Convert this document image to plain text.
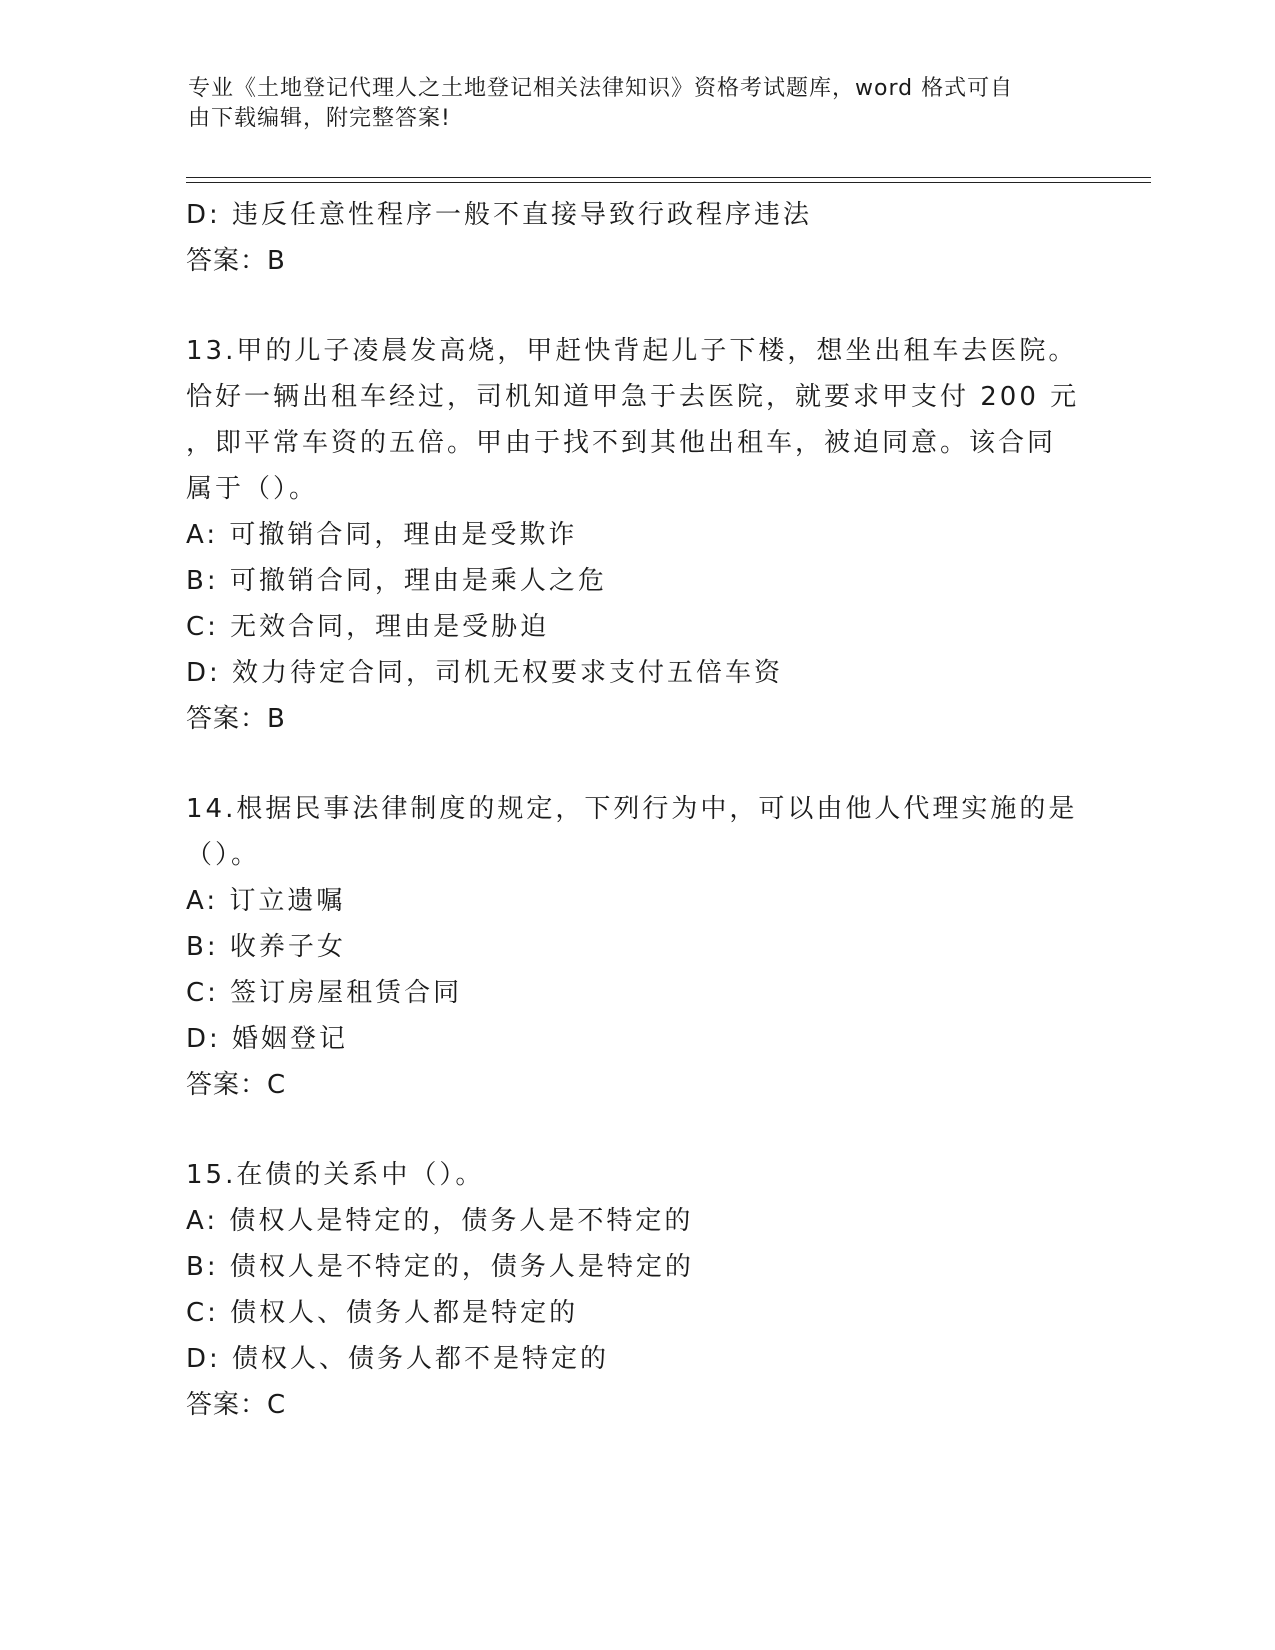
专业《土地登记代理人之土地登记相关法律知识》资格考试题库，word 格式可自
由下载编辑，附完整答案!
D: 违反任意性程序一般不直接导致行政程序违法
答案：B
13.甲的儿子凌晨发高烧，甲赶快背起儿子下楼，想坐出租车去医院。
恰好一辆出租车经过，司机知道甲急于去医院，就要求甲支付 200 元
，即平常车资的五倍。甲由于找不到其他出租车，被迫同意。该合同
属于（）。
A: 可撤销合同，理由是受欺诈
B: 可撤销合同，理由是乘人之危
C: 无效合同，理由是受胁迫
D: 效力待定合同，司机无权要求支付五倍车资
答案：B
14.根据民事法律制度的规定，下列行为中，可以由他人代理实施的是
（）。
A: 订立遗嘱
B: 收养子女
C: 签订房屋租赁合同
D: 婚姻登记
答案：C
15.在债的关系中（）。
A: 债权人是特定的，债务人是不特定的
B: 债权人是不特定的，债务人是特定的
C: 债权人、债务人都是特定的
D: 债权人、债务人都不是特定的
答案：C
